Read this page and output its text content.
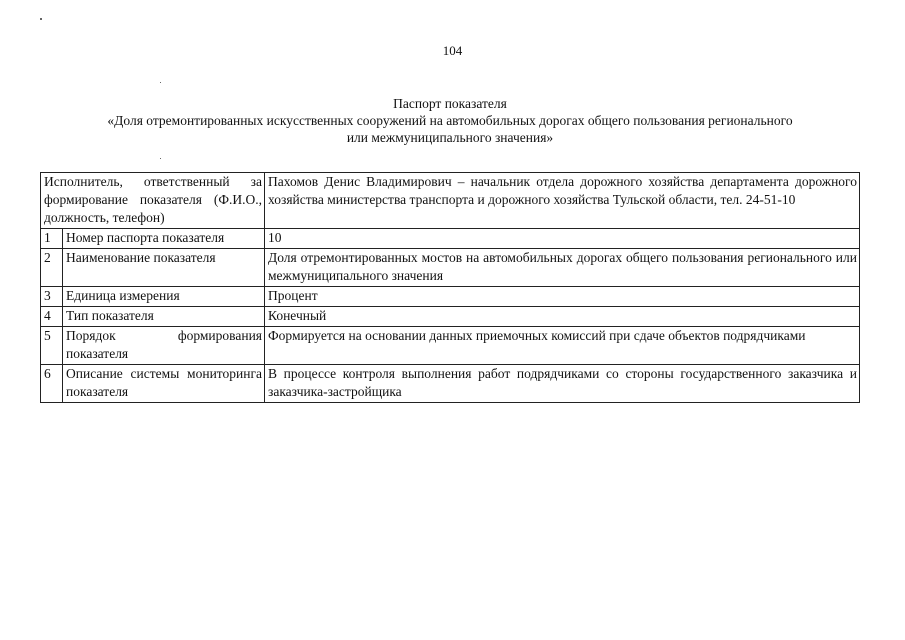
104
Паспорт показателя
«Доля отремонтированных искусственных сооружений на автомобильных дорогах общего пользования регионального
или межмуниципального значения»
Исполнитель, ответственный за формирование показателя (Ф.И.О., должность, телефон)		Пахомов Денис Владимирович – начальник отдела дорожного хозяйства департамента дорожного хозяйства министерства транспорта и дорожного хозяйства Тульской области, тел. 24-51-10
1	Номер паспорта показателя	10
2	Наименование показателя	Доля отремонтированных мостов на автомобильных дорогах общего пользования регионального или межмуниципального значения
3	Единица измерения	Процент
4	Тип показателя	Конечный
5	Порядок формирования показателя	Формируется на основании данных приемочных комиссий при сдаче объектов подрядчиками
6	Описание системы мониторинга показателя	В процессе контроля выполнения работ подрядчиками со стороны государственного заказчика и заказчика-застройщика
